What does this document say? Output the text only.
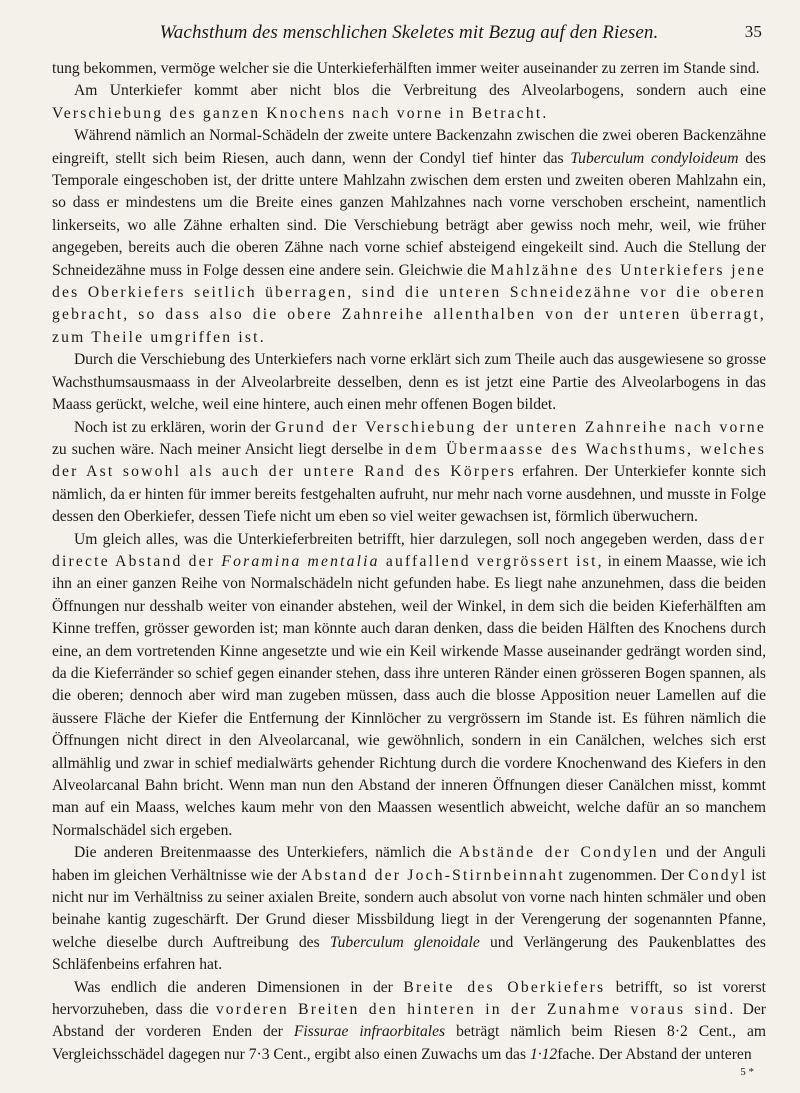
Wachsthum des menschlichen Skeletes mit Bezug auf den Riesen.	35

tung bekommen, vermöge welcher sie die Unterkieferhälften immer weiter auseinander zu zerren im Stande sind.

Am Unterkiefer kommt aber nicht blos die Verbreitung des Alveolarbogens, sondern auch eine Verschiebung des ganzen Knochens nach vorne in Betracht.

Während nämlich an Normal-Schädeln der zweite untere Backenzahn zwischen die zwei oberen Backenzähne eingreift, stellt sich beim Riesen, auch dann, wenn der Condyl tief hinter das Tuberculum condyloideum des Temporale eingeschoben ist, der dritte untere Mahlzahn zwischen dem ersten und zweiten oberen Mahlzahn ein, so dass er mindestens um die Breite eines ganzen Mahlzahnes nach vorne verschoben erscheint, namentlich linkerseits, wo alle Zähne erhalten sind. Die Verschiebung beträgt aber gewiss noch mehr, weil, wie früher angegeben, bereits auch die oberen Zähne nach vorne schief absteigend eingekeilt sind. Auch die Stellung der Schneidezähne muss in Folge dessen eine andere sein. Gleichwie die Mahlzähne des Unterkiefers jene des Oberkiefers seitlich überragen, sind die unteren Schneidezähne vor die oberen gebracht, so dass also die obere Zahnreihe allenthalben von der unteren überragt, zum Theile umgriffen ist.

Durch die Verschiebung des Unterkiefers nach vorne erklärt sich zum Theile auch das ausgewiesene so grosse Wachsthumsausmaass in der Alveolarbreite desselben, denn es ist jetzt eine Partie des Alveolarbogens in das Maass gerückt, welche, weil eine hintere, auch einen mehr offenen Bogen bildet.

Noch ist zu erklären, worin der Grund der Verschiebung der unteren Zahnreihe nach vorne zu suchen wäre. Nach meiner Ansicht liegt derselbe in dem Übermaasse des Wachsthums, welches der Ast sowohl als auch der untere Rand des Körpers erfahren. Der Unterkiefer konnte sich nämlich, da er hinten für immer bereits festgehalten aufruht, nur mehr nach vorne ausdehnen, und musste in Folge dessen den Oberkiefer, dessen Tiefe nicht um eben so viel weiter gewachsen ist, förmlich überwuchern.

Um gleich alles, was die Unterkieferbreiten betrifft, hier darzulegen, soll noch angegeben werden, dass der directe Abstand der Foramina mentalia auffallend vergrössert ist, in einem Maasse, wie ich ihn an einer ganzen Reihe von Normalschädeln nicht gefunden habe. Es liegt nahe anzunehmen, dass die beiden Öffnungen nur desshalb weiter von einander abstehen, weil der Winkel, in dem sich die beiden Kieferhälften am Kinne treffen, grösser geworden ist; man könnte auch daran denken, dass die beiden Hälften des Knochens durch eine, an dem vortretenden Kinne angesetzte und wie ein Keil wirkende Masse auseinander gedrängt worden sind, da die Kieferränder so schief gegen einander stehen, dass ihre unteren Ränder einen grösseren Bogen spannen, als die oberen; dennoch aber wird man zugeben müssen, dass auch die blosse Apposition neuer Lamellen auf die äussere Fläche der Kiefer die Entfernung der Kinnlöcher zu vergrössern im Stande ist. Es führen nämlich die Öffnungen nicht direct in den Alveolarcanal, wie gewöhnlich, sondern in ein Canälchen, welches sich erst allmählig und zwar in schief medialwärts gehender Richtung durch die vordere Knochenwand des Kiefers in den Alveolarcanal Bahn bricht. Wenn man nun den Abstand der inneren Öffnungen dieser Canälchen misst, kommt man auf ein Maass, welches kaum mehr von den Maassen wesentlich abweicht, welche dafür an so manchem Normalschädel sich ergeben.

Die anderen Breitenmaasse des Unterkiefers, nämlich die Abstände der Condylen und der Anguli haben im gleichen Verhältnisse wie der Abstand der Joch-Stirnbeinnaht zugenommen. Der Condyl ist nicht nur im Verhältniss zu seiner axialen Breite, sondern auch absolut von vorne nach hinten schmäler und oben beinahe kantig zugeschärft. Der Grund dieser Missbildung liegt in der Verengerung der sogenannten Pfanne, welche dieselbe durch Auftreibung des Tuberculum glenoidale und Verlängerung des Paukenblattes des Schläfenbeins erfahren hat.

Was endlich die anderen Dimensionen in der Breite des Oberkiefers betrifft, so ist vorerst hervorzuheben, dass die vorderen Breiten den hinteren in der Zunahme voraus sind. Der Abstand der vorderen Enden der Fissurae infraorbitales beträgt nämlich beim Riesen 8·2 Cent., am Vergleichsschädel dagegen nur 7·3 Cent., ergibt also einen Zuwachs um das 1·12fache. Der Abstand der unteren

5 *
